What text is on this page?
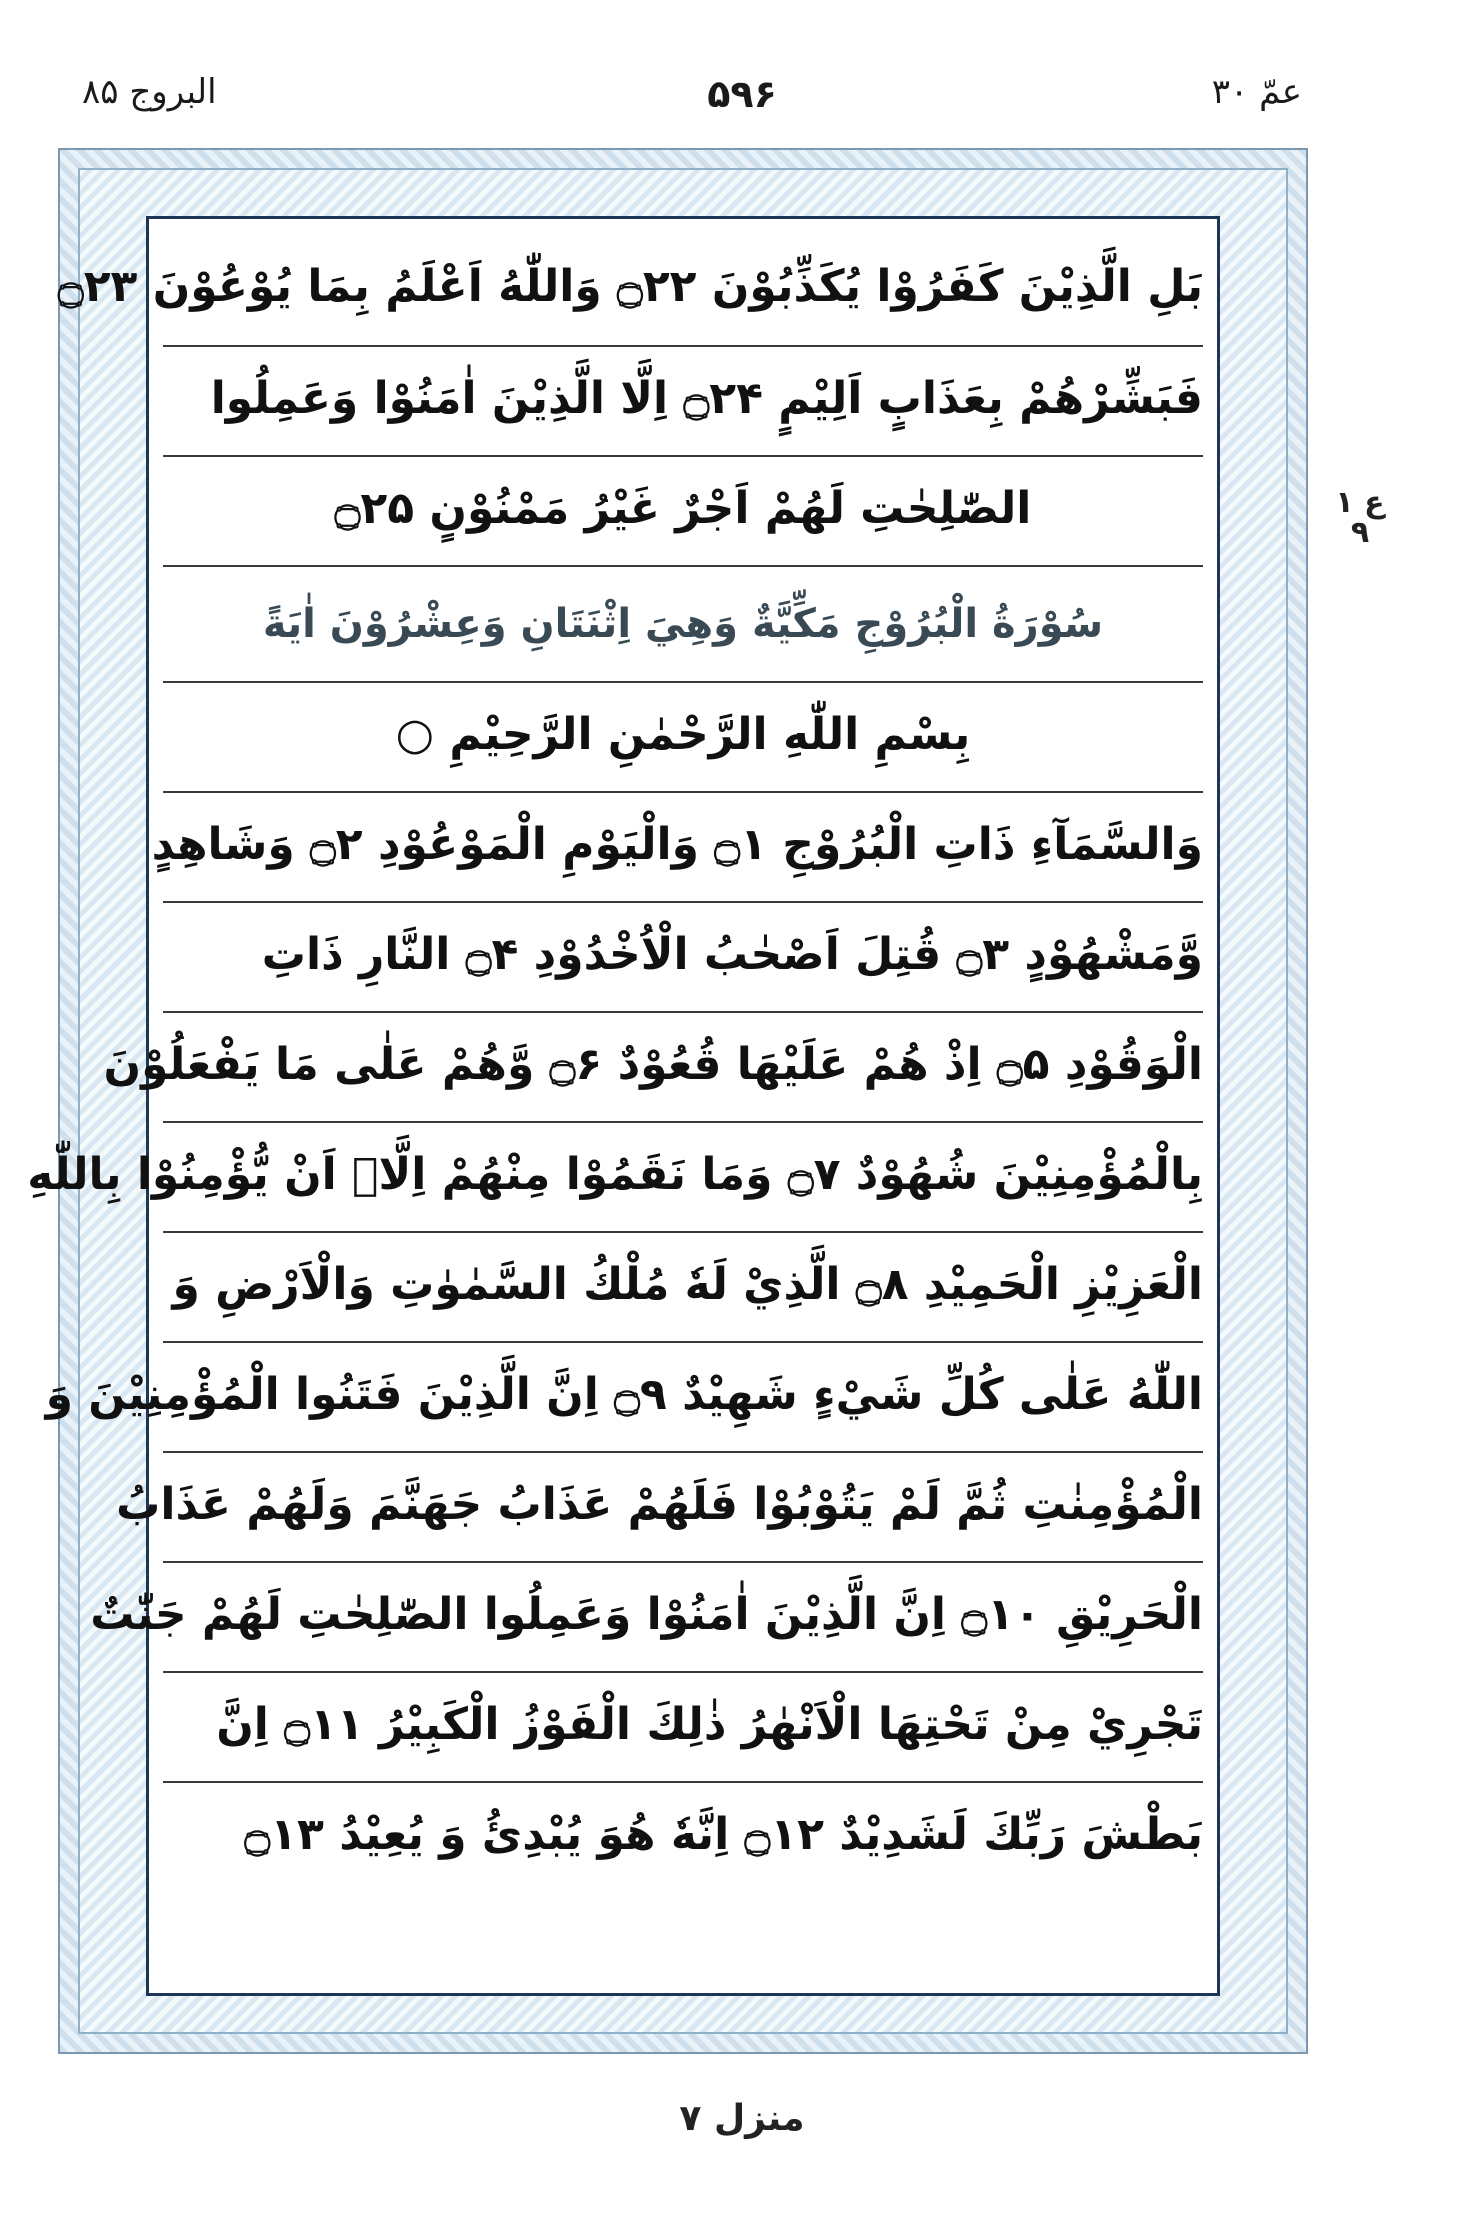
البروج ۸۵	۵۹۶	عمّ ۳۰
بَلِ الَّذِيْنَ كَفَرُوْا يُكَذِّبُوْنَ ۝۲۲ وَاللّٰهُ اَعْلَمُ بِمَا يُوْعُوْنَ ۝۲۳
فَبَشِّرْهُمْ بِعَذَابٍ اَلِيْمٍ ۝۲۴ اِلَّا الَّذِيْنَ اٰمَنُوْا وَعَمِلُوا
الصّٰلِحٰتِ لَهُمْ اَجْرٌ غَيْرُ مَمْنُوْنٍ ۝۲۵
سُوْرَةُ الْبُرُوْجِ مَكِّيَّةٌ وَهِيَ اِثْنَتَانِ وَعِشْرُوْنَ اٰيَةً
بِسْمِ اللّٰهِ الرَّحْمٰنِ الرَّحِيْمِ ○
وَالسَّمَآءِ ذَاتِ الْبُرُوْجِ ۝۱ وَالْيَوْمِ الْمَوْعُوْدِ ۝۲ وَشَاهِدٍ
وَّمَشْهُوْدٍ ۝۳ قُتِلَ اَصْحٰبُ الْاُخْدُوْدِ ۝۴ النَّارِ ذَاتِ
الْوَقُوْدِ ۝۵ اِذْ هُمْ عَلَيْهَا قُعُوْدٌ ۝۶ وَّهُمْ عَلٰى مَا يَفْعَلُوْنَ
بِالْمُؤْمِنِيْنَ شُهُوْدٌ ۝۷ وَمَا نَقَمُوْا مِنْهُمْ اِلَّاۤ اَنْ يُّؤْمِنُوْا بِاللّٰهِ
الْعَزِيْزِ الْحَمِيْدِ ۝۸ الَّذِيْ لَهٗ مُلْكُ السَّمٰوٰتِ وَالْاَرْضِ وَ
اللّٰهُ عَلٰى كُلِّ شَيْءٍ شَهِيْدٌ ۝۹ اِنَّ الَّذِيْنَ فَتَنُوا الْمُؤْمِنِيْنَ وَ
الْمُؤْمِنٰتِ ثُمَّ لَمْ يَتُوْبُوْا فَلَهُمْ عَذَابُ جَهَنَّمَ وَلَهُمْ عَذَابُ
الْحَرِيْقِ ۝۱۰ اِنَّ الَّذِيْنَ اٰمَنُوْا وَعَمِلُوا الصّٰلِحٰتِ لَهُمْ جَنّٰتٌ
تَجْرِيْ مِنْ تَحْتِهَا الْاَنْهٰرُ ذٰلِكَ الْفَوْزُ الْكَبِيْرُ ۝۱۱ اِنَّ
بَطْشَ رَبِّكَ لَشَدِيْدٌ ۝۱۲ اِنَّهٗ هُوَ يُبْدِئُ وَ يُعِيْدُ ۝۱۳
ع ۱ ۹
منزل ۷
